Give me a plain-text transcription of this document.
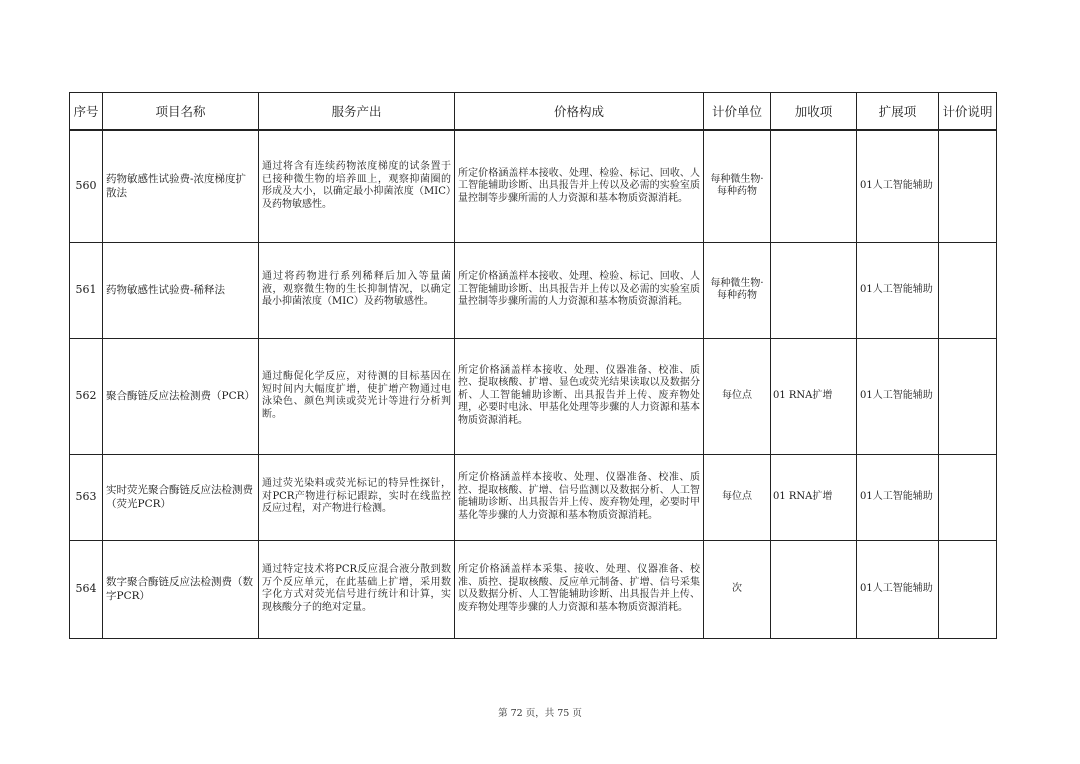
序号	项目名称	服务产出	价格构成	计价单位	加收项	扩展项	计价说明
560	药物敏感性试验费-浓度梯度扩散法	通过将含有连续药物浓度梯度的试条置于已接种微生物的培养皿上，观察抑菌圈的形成及大小，以确定最小抑菌浓度（MIC）及药物敏感性。	所定价格涵盖样本接收、处理、检验、标记、回收、人工智能辅助诊断、出具报告并上传以及必需的实验室质量控制等步骤所需的人力资源和基本物质资源消耗。	每种微生物·每种药物		01人工智能辅助	
561	药物敏感性试验费-稀释法	通过将药物进行系列稀释后加入等量菌液，观察微生物的生长抑制情况，以确定最小抑菌浓度（MIC）及药物敏感性。	所定价格涵盖样本接收、处理、检验、标记、回收、人工智能辅助诊断、出具报告并上传以及必需的实验室质量控制等步骤所需的人力资源和基本物质资源消耗。	每种微生物·每种药物		01人工智能辅助	
562	聚合酶链反应法检测费（PCR）	通过酶促化学反应，对待测的目标基因在短时间内大幅度扩增，使扩增产物通过电泳染色、颜色判读或荧光计等进行分析判断。	所定价格涵盖样本接收、处理、仪器准备、校准、质控、提取核酸、扩增、显色或荧光结果读取以及数据分析、人工智能辅助诊断、出具报告并上传、废弃物处理，必要时电泳、甲基化处理等步骤的人力资源和基本物质资源消耗。	每位点	01 RNA扩增	01人工智能辅助	
563	实时荧光聚合酶链反应法检测费（荧光PCR）	通过荧光染料或荧光标记的特异性探针，对PCR产物进行标记跟踪，实时在线监控反应过程，对产物进行检测。	所定价格涵盖样本接收、处理、仪器准备、校准、质控、提取核酸、扩增、信号监测以及数据分析、人工智能辅助诊断、出具报告并上传、废弃物处理，必要时甲基化等步骤的人力资源和基本物质资源消耗。	每位点	01 RNA扩增	01人工智能辅助	
564	数字聚合酶链反应法检测费（数字PCR）	通过特定技术将PCR反应混合液分散到数万个反应单元，在此基础上扩增，采用数字化方式对荧光信号进行统计和计算，实现核酸分子的绝对定量。	所定价格涵盖样本采集、接收、处理、仪器准备、校准、质控、提取核酸、反应单元制备、扩增、信号采集以及数据分析、人工智能辅助诊断、出具报告并上传、废弃物处理等步骤的人力资源和基本物质资源消耗。	次		01人工智能辅助	
第 72 页，共 75 页
